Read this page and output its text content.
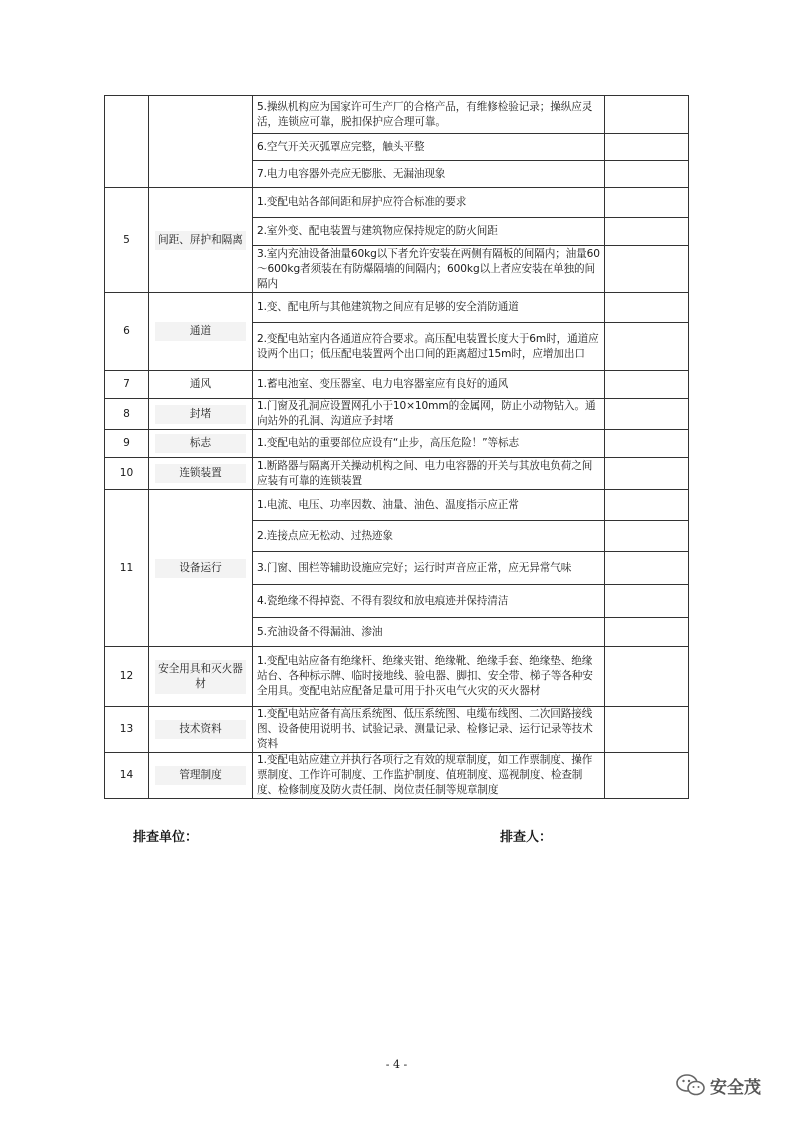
		5.操纵机构应为国家许可生产厂的合格产品，有维修检验记录；操纵应灵活，连锁应可靠，脱扣保护应合理可靠。	
		6.空气开关灭弧罩应完整，触头平整	
		7.电力电容器外壳应无膨胀、无漏油现象	
5	间距、屏护和隔离	1.变配电站各部间距和屏护应符合标准的要求	
		2.室外变、配电装置与建筑物应保持规定的防火间距	
		3.室内充油设备油量60kg以下者允许安装在两侧有隔板的间隔内；油量60～600kg者须装在有防爆隔墙的间隔内；600kg以上者应安装在单独的间隔内	
6	通道	1.变、配电所与其他建筑物之间应有足够的安全消防通道	
		2.变配电站室内各通道应符合要求。高压配电装置长度大于6m时，通道应设两个出口；低压配电装置两个出口间的距离超过15m时，应增加出口	
7	通风	1.蓄电池室、变压器室、电力电容器室应有良好的通风	
8	封堵	1.门窗及孔洞应设置网孔小于10×10mm的金属网，防止小动物钻入。通向站外的孔洞、沟道应予封堵	
9	标志	1.变配电站的重要部位应设有“止步，高压危险！”等标志	
10	连锁装置	1.断路器与隔离开关操动机构之间、电力电容器的开关与其放电负荷之间应装有可靠的连锁装置	
11	设备运行	1.电流、电压、功率因数、油量、油色、温度指示应正常	
		2.连接点应无松动、过热迹象	
		3.门窗、围栏等辅助设施应完好；运行时声音应正常，应无异常气味	
		4.瓷绝缘不得掉瓷、不得有裂纹和放电痕迹并保持清洁	
		5.充油设备不得漏油、渗油	
12	安全用具和灭火器材	1.变配电站应备有绝缘杆、绝缘夹钳、绝缘靴、绝缘手套、绝缘垫、绝缘站台、各种标示牌、临时接地线、验电器、脚扣、安全带、梯子等各种安全用具。变配电站应配备足量可用于扑灭电气火灾的灭火器材	
13	技术资料	1.变配电站应备有高压系统图、低压系统图、电缆布线图、二次回路接线图、设备使用说明书、试验记录、测量记录、检修记录、运行记录等技术资料	
14	管理制度	1.变配电站应建立并执行各项行之有效的规章制度，如工作票制度、操作票制度、工作许可制度、工作监护制度、值班制度、巡视制度、检查制度、检修制度及防火责任制、岗位责任制等规章制度	
排查单位：	排查人：
- 4 -
安全茂
